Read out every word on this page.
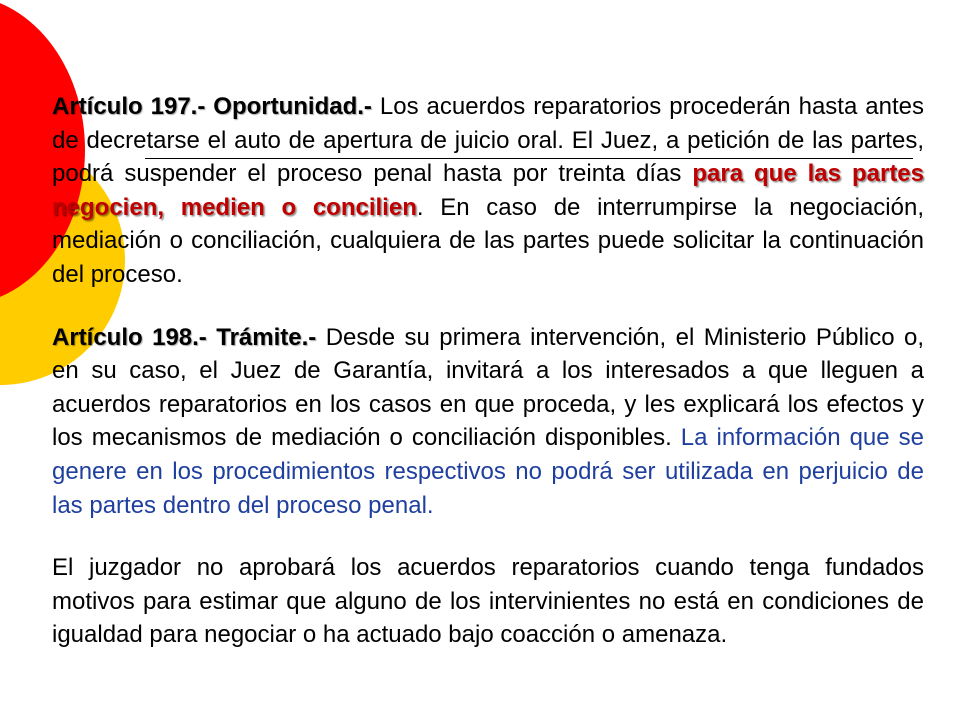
Artículo 197.- Oportunidad.- Los acuerdos reparatorios procederán hasta antes de decretarse el auto de apertura de juicio oral. El Juez, a petición de las partes, podrá suspender el proceso penal hasta por treinta días para que las partes negocien, medien o concilien. En caso de interrumpirse la negociación, mediación o conciliación, cualquiera de las partes puede solicitar la continuación del proceso.

Artículo 198.- Trámite.- Desde su primera intervención, el Ministerio Público o, en su caso, el Juez de Garantía, invitará a los interesados a que lleguen a acuerdos reparatorios en los casos en que proceda, y les explicará los efectos y los mecanismos de mediación o conciliación disponibles. La información que se genere en los procedimientos respectivos no podrá ser utilizada en perjuicio de las partes dentro del proceso penal.

El juzgador no aprobará los acuerdos reparatorios cuando tenga fundados motivos para estimar que alguno de los intervinientes no está en condiciones de igualdad para negociar o ha actuado bajo coacción o amenaza.
